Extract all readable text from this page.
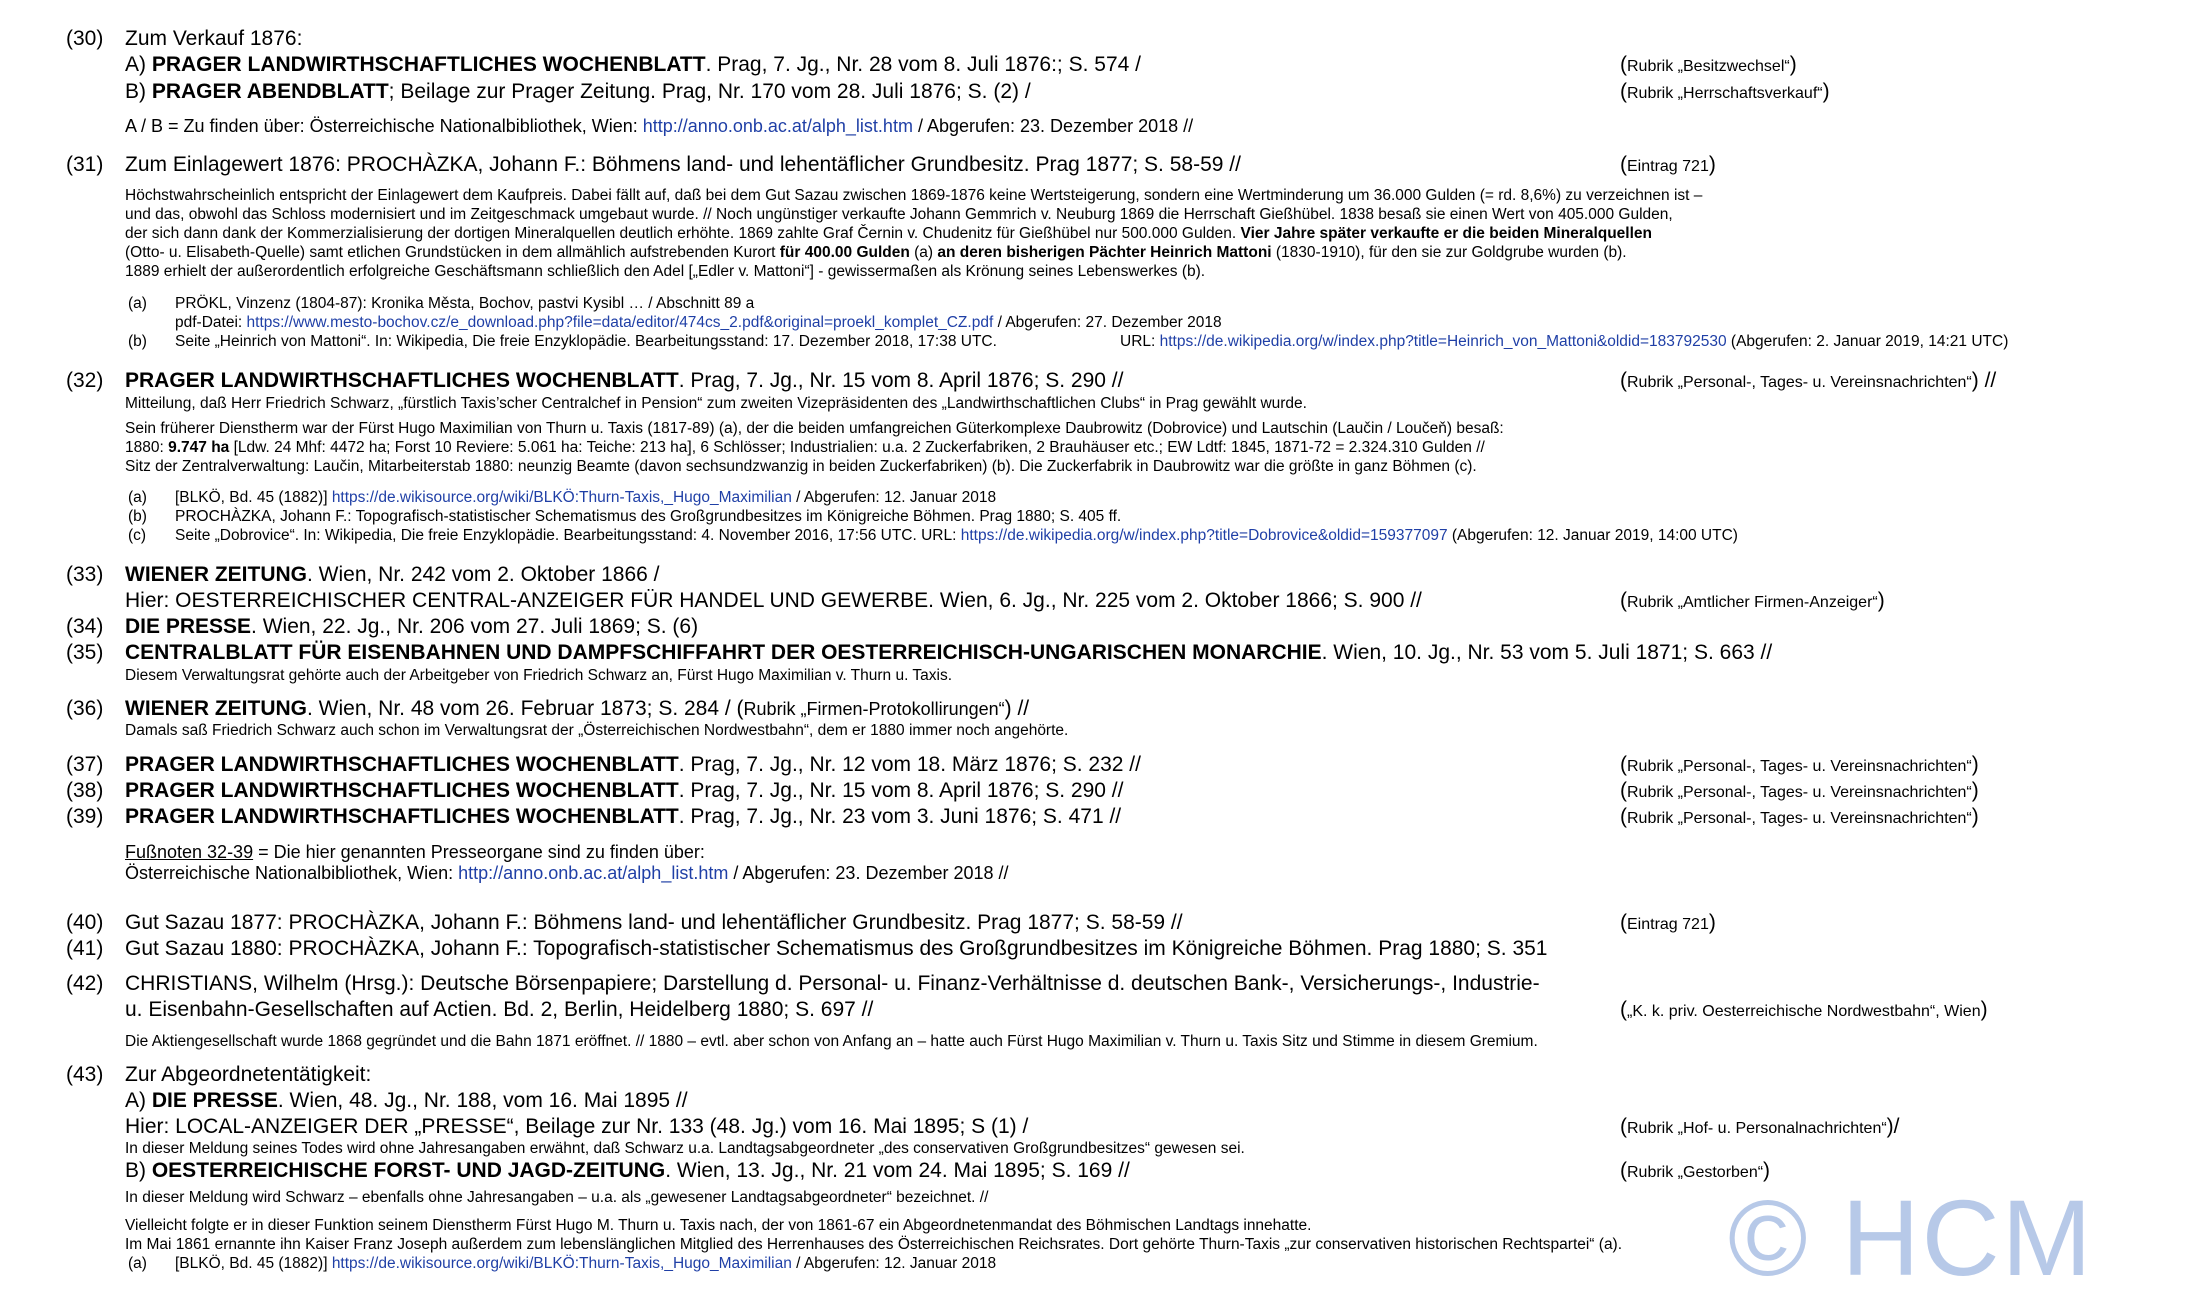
(30) Zum Verkauf 1876:
A) PRAGER LANDWIRTHSCHAFTLICHES WOCHENBLATT. Prag, 7. Jg., Nr. 28 vom 8. Juli 1876:; S. 574 /	(Rubrik „Besitzwechsel“)
B) PRAGER ABENDBLATT; Beilage zur Prager Zeitung. Prag, Nr. 170 vom 28. Juli 1876; S. (2) /	(Rubrik „Herrschaftsverkauf“)
A / B = Zu finden über: Österreichische Nationalbibliothek, Wien: http://anno.onb.ac.at/alph_list.htm / Abgerufen: 23. Dezember 2018 //
(31) Zum Einlagewert 1876: PROCHÀZKA, Johann F.: Böhmens land- und lehentäflicher Grundbesitz. Prag 1877; S. 58-59 //	(Eintrag 721)
Höchstwahrscheinlich entspricht der Einlagewert dem Kaufpreis. Dabei fällt auf, daß bei dem Gut Sazau zwischen 1869-1876 keine Wertsteigerung, sondern eine Wertminderung um 36.000 Gulden (= rd. 8,6%) zu verzeichnen ist –
und das, obwohl das Schloss modernisiert und im Zeitgeschmack umgebaut wurde. // Noch ungünstiger verkaufte Johann Gemmrich v. Neuburg 1869 die Herrschaft Gießhübel. 1838 besaß sie einen Wert von 405.000 Gulden,
der sich dann dank der Kommerzialisierung der dortigen Mineralquellen deutlich erhöhte. 1869 zahlte Graf Černin v. Chudenitz für Gießhübel nur 500.000 Gulden. Vier Jahre später verkaufte er die beiden Mineralquellen
(Otto- u. Elisabeth-Quelle) samt etlichen Grundstücken in dem allmählich aufstrebenden Kurort für 400.00 Gulden (a) an deren bisherigen Pächter Heinrich Mattoni (1830-1910), für den sie zur Goldgrube wurden (b).
1889 erhielt der außerordentlich erfolgreiche Geschäftsmann schließlich den Adel [„Edler v. Mattoni“] - gewissermaßen als Krönung seines Lebenswerkes (b).
(a) PRÖKL, Vinzenz (1804-87): Kronika Města, Bochov, pastvi Kysibl … / Abschnitt 89 a
pdf-Datei: https://www.mesto-bochov.cz/e_download.php?file=data/editor/474cs_2.pdf&original=proekl_komplet_CZ.pdf / Abgerufen: 27. Dezember 2018
(b) Seite „Heinrich von Mattoni“. In: Wikipedia, Die freie Enzyklopädie. Bearbeitungsstand: 17. Dezember 2018, 17:38 UTC.	URL: https://de.wikipedia.org/w/index.php?title=Heinrich_von_Mattoni&oldid=183792530 (Abgerufen: 2. Januar 2019, 14:21 UTC)
(32) PRAGER LANDWIRTHSCHAFTLICHES WOCHENBLATT. Prag, 7. Jg., Nr. 15 vom 8. April 1876; S. 290 //	(Rubrik „Personal-, Tages- u. Vereinsnachrichten“) //
Mitteilung, daß Herr Friedrich Schwarz, „fürstlich Taxis’scher Centralchef in Pension“ zum zweiten Vizepräsidenten des „Landwirthschaftlichen Clubs“ in Prag gewählt wurde.
Sein früherer Dienstherm war der Fürst Hugo Maximilian von Thurn u. Taxis (1817-89) (a), der die beiden umfangreichen Güterkomplexe Daubrowitz (Dobrovice) und Lautschin (Laučin / Loučeň) besaß:
1880: 9.747 ha [Ldw. 24 Mhf: 4472 ha; Forst 10 Reviere: 5.061 ha: Teiche: 213 ha], 6 Schlösser; Industrialien: u.a. 2 Zuckerfabriken, 2 Brauhäuser etc.; EW Ldtf: 1845, 1871-72 = 2.324.310 Gulden //
Sitz der Zentralverwaltung: Laučin, Mitarbeiterstab 1880: neunzig Beamte (davon sechsundzwanzig in beiden Zuckerfabriken) (b). Die Zuckerfabrik in Daubrowitz war die größte in ganz Böhmen (c).
(a) [BLKÖ, Bd. 45 (1882)] https://de.wikisource.org/wiki/BLKÖ:Thurn-Taxis,_Hugo_Maximilian / Abgerufen: 12. Januar 2018
(b) PROCHÀZKA, Johann F.: Topografisch-statistischer Schematismus des Großgrundbesitzes im Königreiche Böhmen. Prag 1880; S. 405 ff.
(c) Seite „Dobrovice“. In: Wikipedia, Die freie Enzyklopädie. Bearbeitungsstand: 4. November 2016, 17:56 UTC. URL: https://de.wikipedia.org/w/index.php?title=Dobrovice&oldid=159377097 (Abgerufen: 12. Januar 2019, 14:00 UTC)
(33) WIENER ZEITUNG. Wien, Nr. 242 vom 2. Oktober 1866 /
Hier: OESTERREICHISCHER CENTRAL-ANZEIGER FÜR HANDEL UND GEWERBE. Wien, 6. Jg., Nr. 225 vom 2. Oktober 1866; S. 900 //	(Rubrik „Amtlicher Firmen-Anzeiger“)
(34) DIE PRESSE. Wien, 22. Jg., Nr. 206 vom 27. Juli 1869; S. (6)
(35) CENTRALBLATT FÜR EISENBAHNEN UND DAMPFSCHIFFAHRT DER OESTERREICHISCH-UNGARISCHEN MONARCHIE. Wien, 10. Jg., Nr. 53 vom 5. Juli 1871; S. 663 //
Diesem Verwaltungsrat gehörte auch der Arbeitgeber von Friedrich Schwarz an, Fürst Hugo Maximilian v. Thurn u. Taxis.
(36) WIENER ZEITUNG. Wien, Nr. 48 vom 26. Februar 1873; S. 284 / (Rubrik „Firmen-Protokollirungen“) //
Damals saß Friedrich Schwarz auch schon im Verwaltungsrat der „Österreichischen Nordwestbahn“, dem er 1880 immer noch angehörte.
(37) PRAGER LANDWIRTHSCHAFTLICHES WOCHENBLATT. Prag, 7. Jg., Nr. 12 vom 18. März 1876; S. 232 //	(Rubrik „Personal-, Tages- u. Vereinsnachrichten“)
(38) PRAGER LANDWIRTHSCHAFTLICHES WOCHENBLATT. Prag, 7. Jg., Nr. 15 vom 8. April 1876; S. 290 //	(Rubrik „Personal-, Tages- u. Vereinsnachrichten“)
(39) PRAGER LANDWIRTHSCHAFTLICHES WOCHENBLATT. Prag, 7. Jg., Nr. 23 vom 3. Juni 1876; S. 471 //	(Rubrik „Personal-, Tages- u. Vereinsnachrichten“)
Fußnoten 32-39 = Die hier genannten Presseorgane sind zu finden über:
Österreichische Nationalbibliothek, Wien: http://anno.onb.ac.at/alph_list.htm / Abgerufen: 23. Dezember 2018 //
(40) Gut Sazau 1877: PROCHÀZKA, Johann F.: Böhmens land- und lehentäflicher Grundbesitz. Prag 1877; S. 58-59 //	(Eintrag 721)
(41) Gut Sazau 1880: PROCHÀZKA, Johann F.: Topografisch-statistischer Schematismus des Großgrundbesitzes im Königreiche Böhmen. Prag 1880; S. 351
(42) CHRISTIANS, Wilhelm (Hrsg.): Deutsche Börsenpapiere; Darstellung d. Personal- u. Finanz-Verhältnisse d. deutschen Bank-, Versicherungs-, Industrie-
u. Eisenbahn-Gesellschaften auf Actien. Bd. 2, Berlin, Heidelberg 1880; S. 697 //	(„K. k. priv. Oesterreichische Nordwestbahn“, Wien)
Die Aktiengesellschaft wurde 1868 gegründet und die Bahn 1871 eröffnet. // 1880 – evtl. aber schon von Anfang an – hatte auch Fürst Hugo Maximilian v. Thurn u. Taxis Sitz und Stimme in diesem Gremium.
(43) Zur Abgeordnetentätigkeit:
A) DIE PRESSE. Wien, 48. Jg., Nr. 188, vom 16. Mai 1895 //
Hier: LOCAL-ANZEIGER DER „PRESSE“, Beilage zur Nr. 133 (48. Jg.) vom 16. Mai 1895; S (1) /	(Rubrik „Hof- u. Personalnachrichten“)/
In dieser Meldung seines Todes wird ohne Jahresangaben erwähnt, daß Schwarz u.a. Landtagsabgeordneter „des conservativen Großgrundbesitzes“ gewesen sei.
B) OESTERREICHISCHE FORST- UND JAGD-ZEITUNG. Wien, 13. Jg., Nr. 21 vom 24. Mai 1895; S. 169 //	(Rubrik „Gestorben“)
In dieser Meldung wird Schwarz – ebenfalls ohne Jahresangaben – u.a. als „gewesener Landtagsabgeordneter“ bezeichnet. //
Vielleicht folgte er in dieser Funktion seinem Dienstherm Fürst Hugo M. Thurn u. Taxis nach, der von 1861-67 ein Abgeordnetenmandat des Böhmischen Landtags innehatte.
Im Mai 1861 ernannte ihn Kaiser Franz Joseph außerdem zum lebenslänglichen Mitglied des Herrenhauses des Österreichischen Reichsrates. Dort gehörte Thurn-Taxis „zur conservativen historischen Rechtspartei“ (a).
(a) [BLKÖ, Bd. 45 (1882)] https://de.wikisource.org/wiki/BLKÖ:Thurn-Taxis,_Hugo_Maximilian / Abgerufen: 12. Januar 2018	© HCM
